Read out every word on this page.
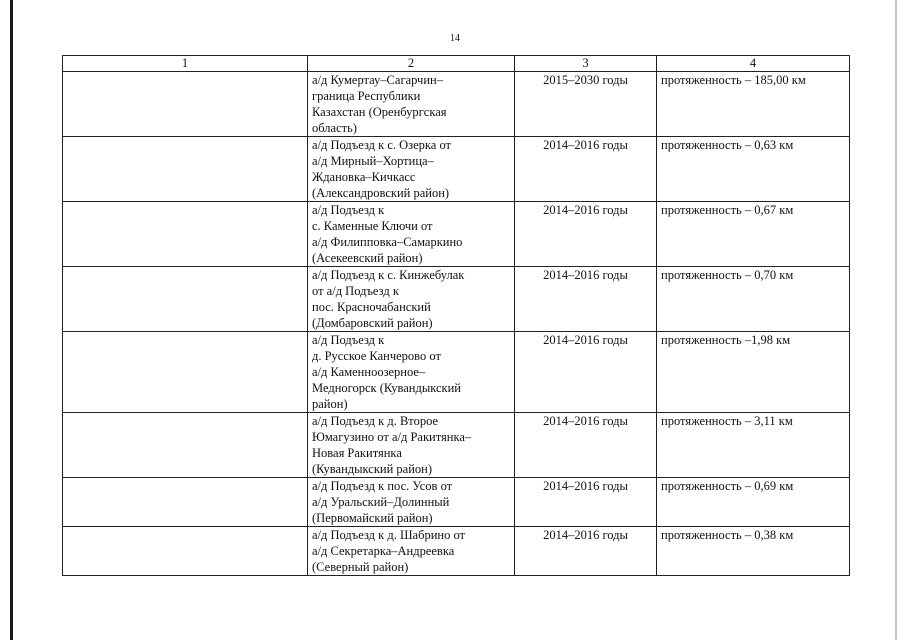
14
1	2	3	4

	а/д Кумертау–Сагарчин–
граница Республики
Казахстан (Оренбургская
область)	2015–2030 годы	протяженность – 185,00 км

	а/д Подъезд к с. Озерка от
а/д Мирный–Хортица–
Ждановка–Кичкасс
(Александровский район)	2014–2016 годы	протяженность – 0,63 км

	а/д Подъезд к
с. Каменные Ключи от
а/д Филипповка–Самаркино
(Асекеевский район)	2014–2016 годы	протяженность – 0,67 км

	а/д Подъезд к с. Кинжебулак
от а/д Подъезд к
пос. Красночабанский
(Домбаровский район)	2014–2016 годы	протяженность – 0,70 км

	а/д Подъезд к
д. Русское Канчерово от
а/д Каменноозерное–
Медногорск (Кувандыкский
район)	2014–2016 годы	протяженность –1,98 км

	а/д Подъезд к д. Второе
Юмагузино от а/д Ракитянка–
Новая Ракитянка
(Кувандыкский район)	2014–2016 годы	протяженность – 3,11 км

	а/д Подъезд к пос. Усов от
а/д Уральский–Долинный
(Первомайский район)	2014–2016 годы	протяженность – 0,69 км

	а/д Подъезд к д. Шабрино от
а/д Секретарка–Андреевка
(Северный район)	2014–2016 годы	протяженность – 0,38 км
